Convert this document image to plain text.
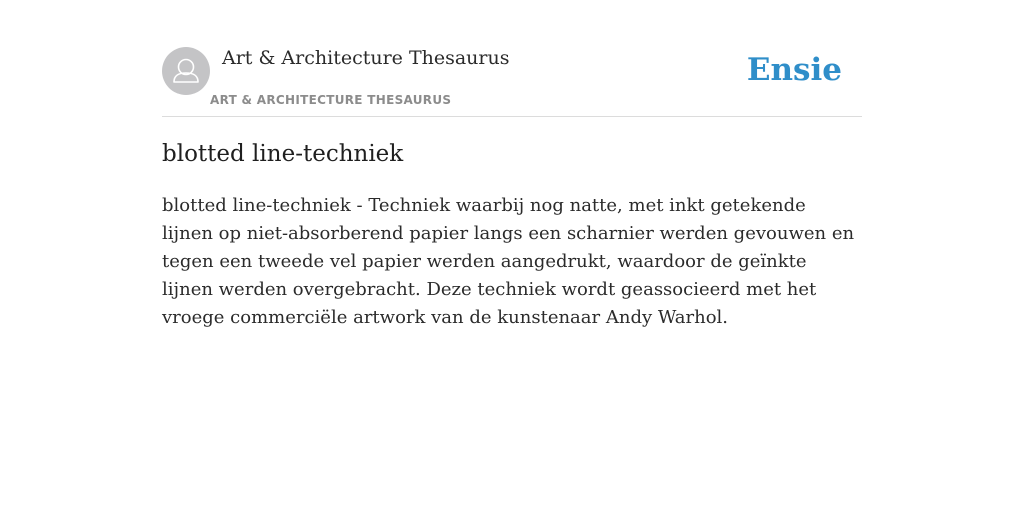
Art & Architecture Thesaurus
ART & ARCHITECTURE THESAURUS
Ensie
blotted line-techniek

blotted line-techniek - Techniek waarbij nog natte, met inkt getekende lijnen op niet-absorberend papier langs een scharnier werden gevouwen en tegen een tweede vel papier werden aangedrukt, waardoor de geïnkte lijnen werden overgebracht. Deze techniek wordt geassocieerd met het vroege commerciële artwork van de kunstenaar Andy Warhol.
